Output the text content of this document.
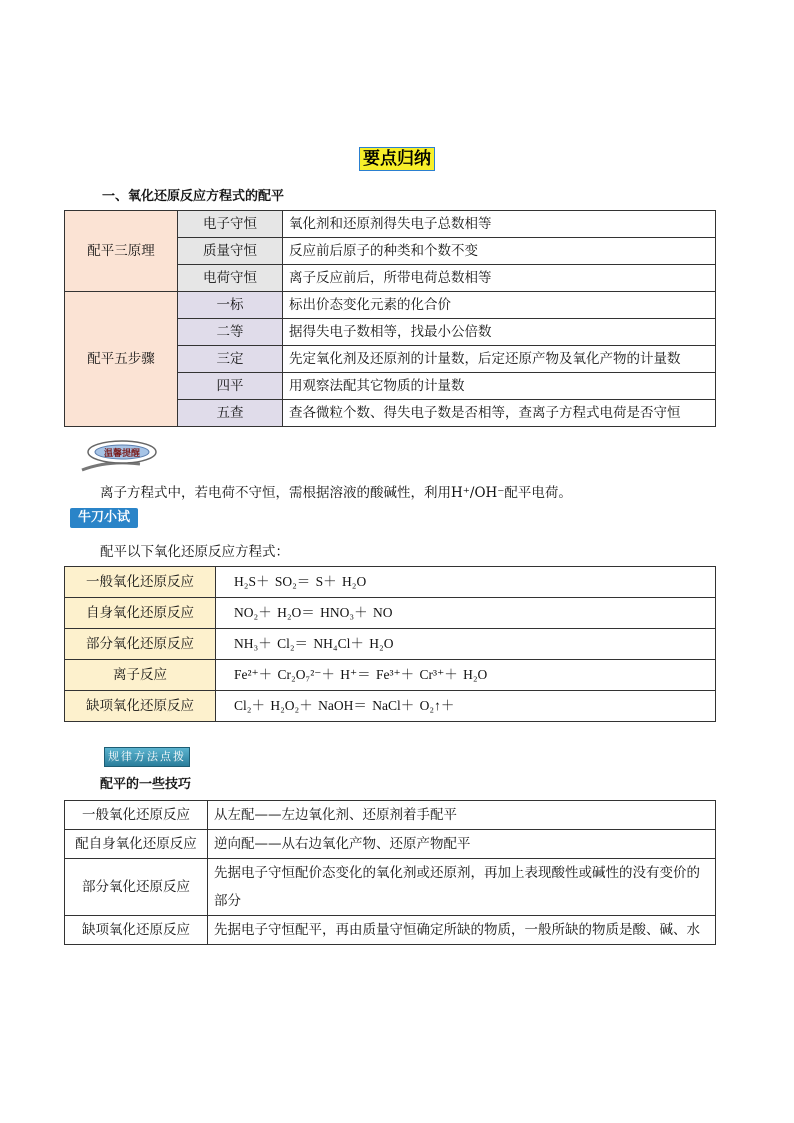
要点归纳
一、氧化还原反应方程式的配平
配平三原理	电子守恒	氧化剂和还原剂得失电子总数相等
	质量守恒	反应前后原子的种类和个数不变
	电荷守恒	离子反应前后，所带电荷总数相等
配平五步骤	一标	标出价态变化元素的化合价
	二等	据得失电子数相等，找最小公倍数
	三定	先定氧化剂及还原剂的计量数，后定还原产物及氧化产物的计量数
	四平	用观察法配其它物质的计量数
	五查	查各微粒个数、得失电子数是否相等，查离子方程式电荷是否守恒
温馨提醒
离子方程式中，若电荷不守恒，需根据溶液的酸碱性，利用H⁺/OH⁻配平电荷。
牛刀小试
配平以下氧化还原反应方程式：
一般氧化还原反应	H₂S＋ SO₂＝ S＋ H₂O
自身氧化还原反应	NO₂＋ H₂O＝ HNO₃＋ NO
部分氧化还原反应	NH₃＋ Cl₂＝ NH₄Cl＋ H₂O
离子反应	Fe²⁺＋ Cr₂O₇²⁻＋ H⁺＝ Fe³⁺＋ Cr³⁺＋ H₂O
缺项氧化还原反应	Cl₂＋ H₂O₂＋ NaOH＝ NaCl＋ O₂↑＋
规律方法点拨
配平的一些技巧
一般氧化还原反应	从左配——左边氧化剂、还原剂着手配平
配自身氧化还原反应	逆向配——从右边氧化产物、还原产物配平
部分氧化还原反应	先据电子守恒配价态变化的氧化剂或还原剂，再加上表现酸性或碱性的没有变价的部分
缺项氧化还原反应	先据电子守恒配平，再由质量守恒确定所缺的物质，一般所缺的物质是酸、碱、水
